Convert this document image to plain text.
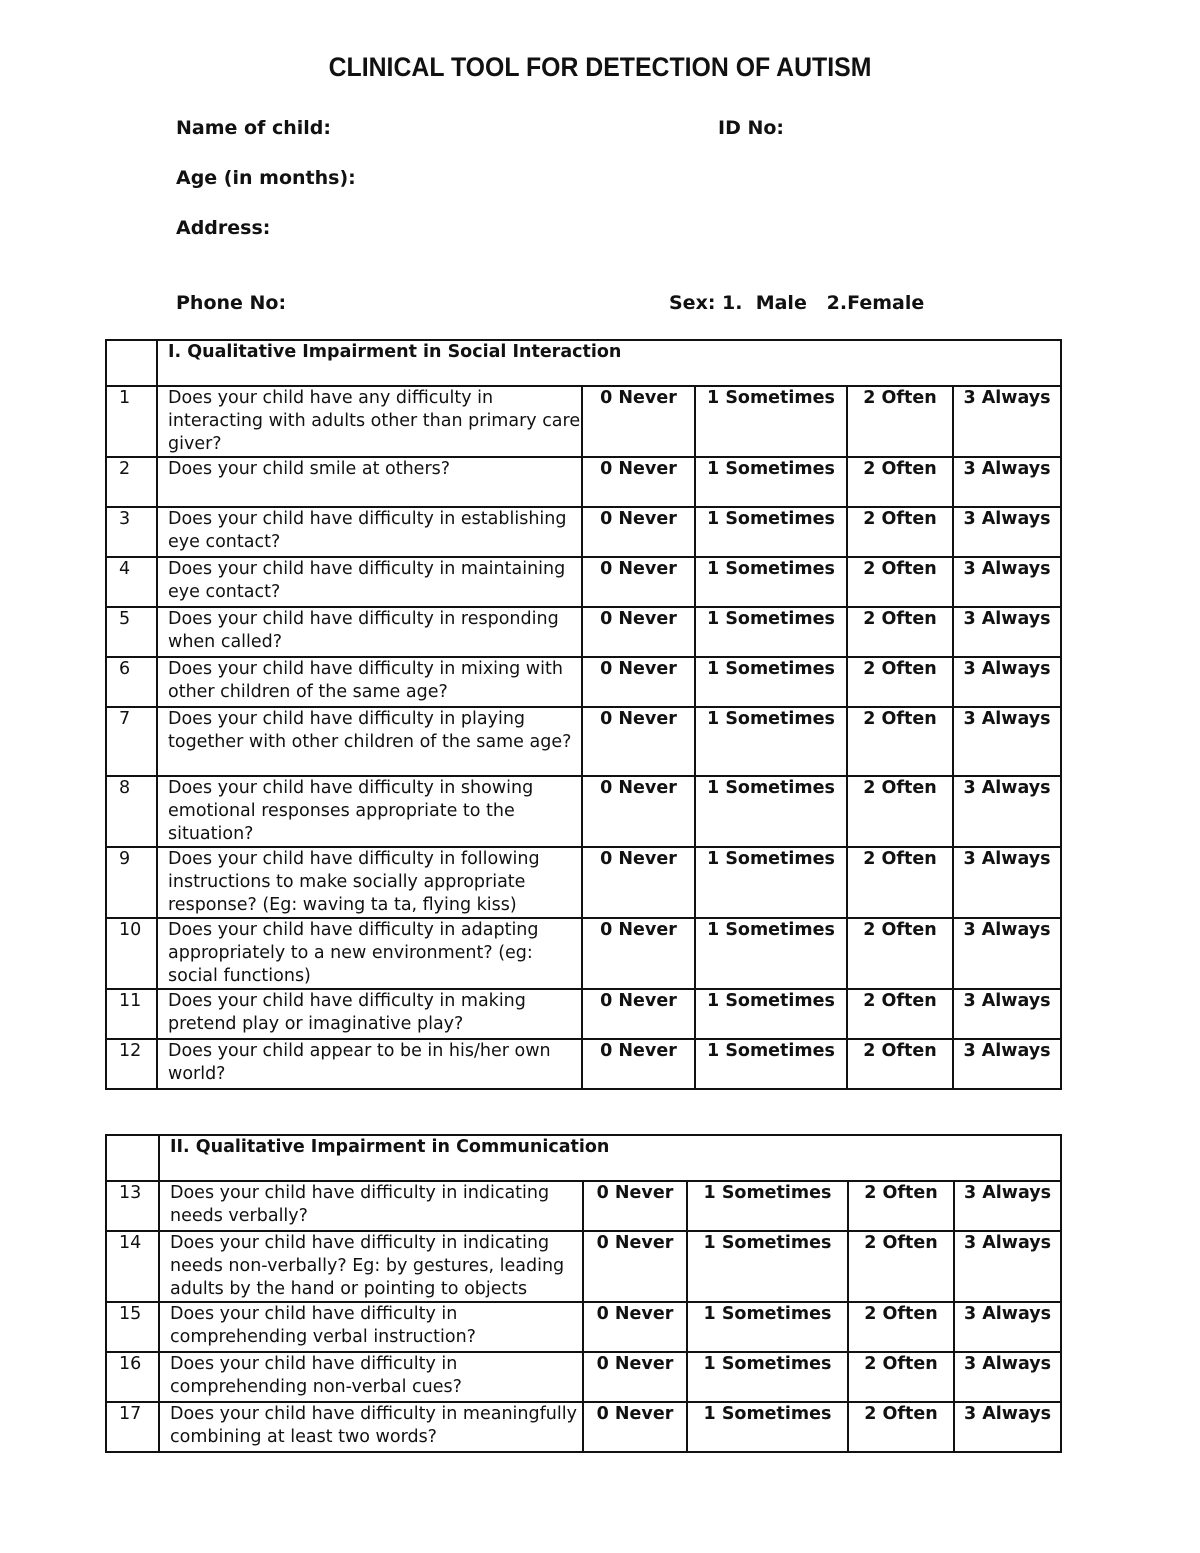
CLINICAL TOOL FOR DETECTION OF AUTISM
Name of child:	ID No:
Age (in months):
Address:
Phone No:	Sex: 1.  Male   2.Female
	I. Qualitative Impairment in Social Interaction				
1	Does your child have any difficulty in interacting with adults other than primary care giver?	0 Never	1 Sometimes	2 Often	3 Always
2	Does your child smile at others?	0 Never	1 Sometimes	2 Often	3 Always
3	Does your child have difficulty in establishing eye contact?	0 Never	1 Sometimes	2 Often	3 Always
4	Does your child have difficulty in maintaining eye contact?	0 Never	1 Sometimes	2 Often	3 Always
5	Does your child have difficulty in responding when called?	0 Never	1 Sometimes	2 Often	3 Always
6	Does your child have difficulty in mixing with other children of the same age?	0 Never	1 Sometimes	2 Often	3 Always
7	Does your child have difficulty in playing together with other children of the same age?	0 Never	1 Sometimes	2 Often	3 Always
8	Does your child have difficulty in showing emotional responses appropriate to the situation?	0 Never	1 Sometimes	2 Often	3 Always
9	Does your child have difficulty in following instructions to make socially appropriate response? (Eg: waving ta ta, flying kiss)	0 Never	1 Sometimes	2 Often	3 Always
10	Does your child have difficulty in adapting appropriately to a new environment? (eg: social functions)	0 Never	1 Sometimes	2 Often	3 Always
11	Does your child have difficulty in making pretend play or imaginative play?	0 Never	1 Sometimes	2 Often	3 Always
12	Does your child appear to be in his/her own world?	0 Never	1 Sometimes	2 Often	3 Always
	II. Qualitative Impairment in Communication				
13	Does your child have difficulty in indicating needs verbally?	0 Never	1 Sometimes	2 Often	3 Always
14	Does your child have difficulty in indicating needs non-verbally? Eg: by gestures, leading adults by the hand or pointing to objects	0 Never	1 Sometimes	2 Often	3 Always
15	Does your child have difficulty in comprehending verbal instruction?	0 Never	1 Sometimes	2 Often	3 Always
16	Does your child have difficulty in comprehending non-verbal cues?	0 Never	1 Sometimes	2 Often	3 Always
17	Does your child have difficulty in meaningfully combining at least two words?	0 Never	1 Sometimes	2 Often	3 Always
